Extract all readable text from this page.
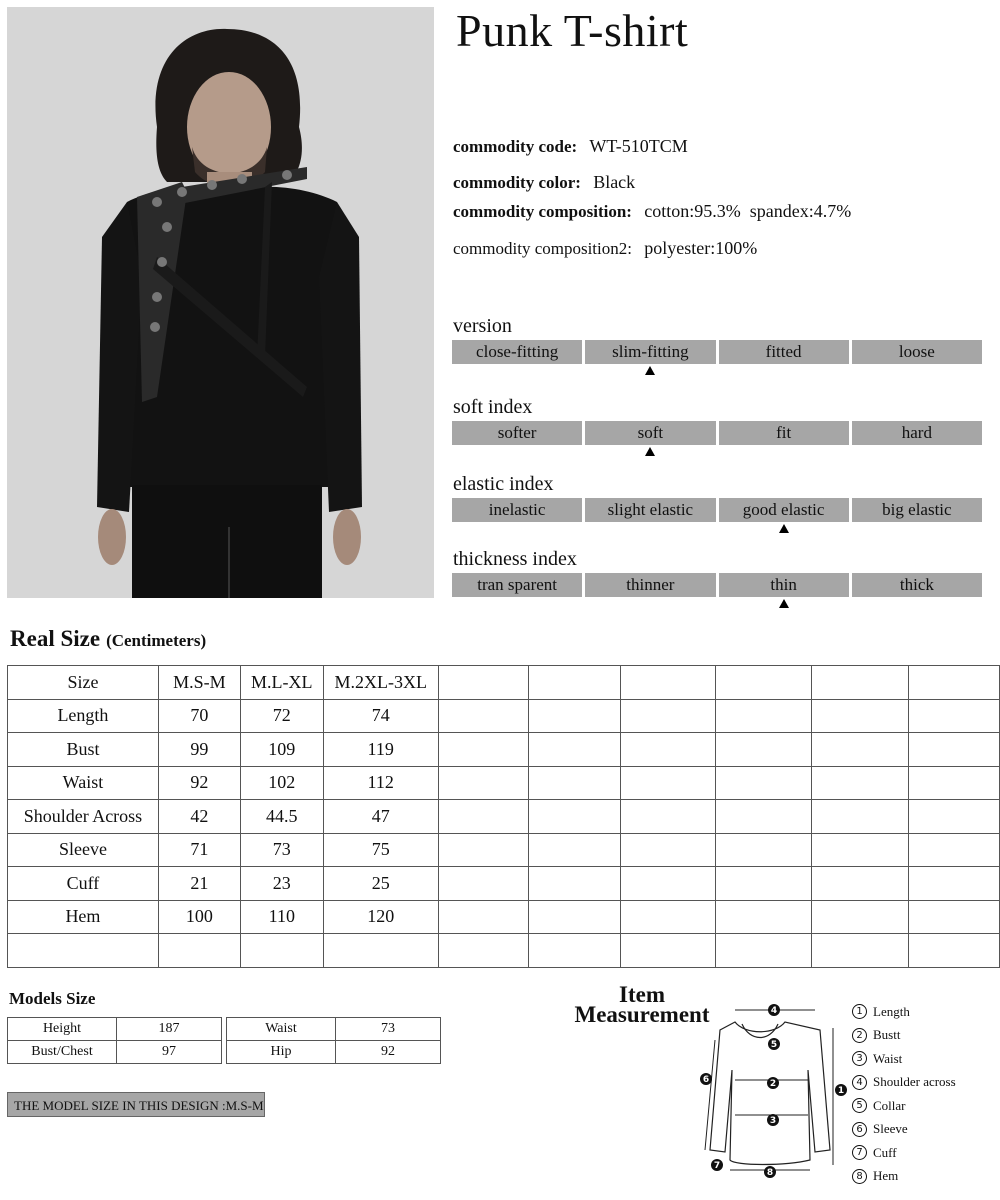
Punk T-shirt
commodity code: WT-510TCM
commodity color: Black
commodity composition: cotton:95.3%  spandex:4.7%
commodity composition2: polyester:100%
version
close-fitting	slim-fitting	fitted	loose
soft index
softer	soft	fit	hard
elastic index
inelastic	slight elastic	good elastic	big elastic
thickness index
tran sparent	thinner	thin	thick
Real Size (Centimeters)
Size	M.S-M	M.L-XL	M.2XL-3XL						
Length	70	72	74						
Bust	99	109	119						
Waist	92	102	112						
Shoulder Across	42	44.5	47						
Sleeve	71	73	75						
Cuff	21	23	25						
Hem	100	110	120						

Models Size
Height	187
Bust/Chest	97
Waist	73
Hip	92
THE MODEL SIZE IN THIS DESIGN :M.S-M
Item
Measurement	4
5
2
3
8
1
6
7
1 Length
2 Bustt
3 Waist
4 Shoulder across
5 Collar
6 Sleeve
7 Cuff
8 Hem
